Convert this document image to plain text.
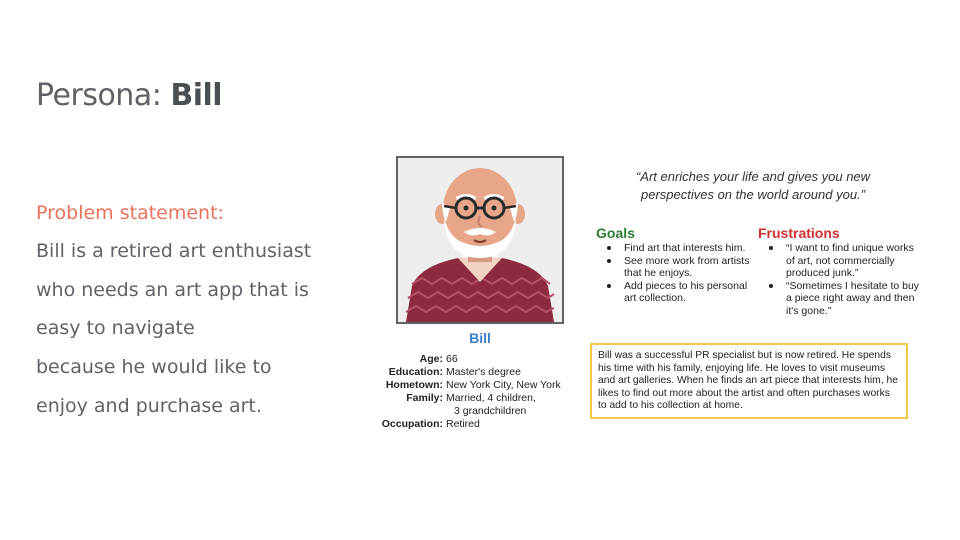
Persona: Bill
Problem statement:
Bill is a retired art enthusiast
who needs an art app that is
easy to navigate
because he would like to
enjoy and purchase art.
Bill
Age: 66
Education: Master's degree
Hometown: New York City, New York
Family: Married, 4 children,
3 grandchildren
Occupation: Retired
“Art enriches your life and gives you new perspectives on the world around you.”
Goals
Find art that interests him.
See more work from artists that he enjoys.
Add pieces to his personal art collection.
Frustrations
“I want to find unique works of art, not commercially produced junk.”
“Sometimes I hesitate to buy a piece right away and then it's gone.”
Bill was a successful PR specialist but is now retired. He spends his time with his family, enjoying life. He loves to visit museums and art galleries. When he finds an art piece that interests him, he likes to find out more about the artist and often purchases works to add to his collection at home.
